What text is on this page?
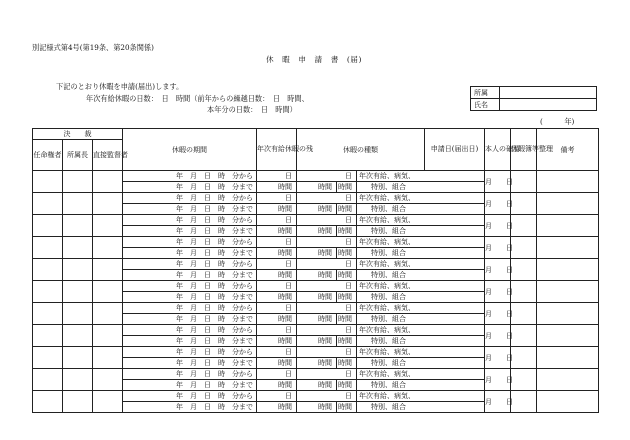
別記様式第4号(第19条、第20条関係)
休　暇　申　請　書　(届)
下記のとおり休暇を申請(届出)します。
年次有給休暇の日数：　日　時間（前年からの繰越日数：　日　時間、
本年分の日数：　日　時間）
所属	
氏名	
(　　　年)
決　　裁			休暇の期間	年次有給休暇の残	休暇の種類			申請日(届出日)	本人の確認	休暇簿等整理	備考	
任命権者	所属長	直接監督者										
			年　月　日　時　分から	日	日		年次有給、病気、		月　　日			
			年　月　日　時　分まで	時間	時間	時間	特別、組合					
			年　月　日　時　分から	日	日		年次有給、病気、		月　　日			
			年　月　日　時　分まで	時間	時間	時間	特別、組合					
			年　月　日　時　分から	日	日		年次有給、病気、		月　　日			
			年　月　日　時　分まで	時間	時間	時間	特別、組合					
			年　月　日　時　分から	日	日		年次有給、病気、		月　　日			
			年　月　日　時　分まで	時間	時間	時間	特別、組合					
			年　月　日　時　分から	日	日		年次有給、病気、		月　　日			
			年　月　日　時　分まで	時間	時間	時間	特別、組合					
			年　月　日　時　分から	日	日		年次有給、病気、		月　　日			
			年　月　日　時　分まで	時間	時間	時間	特別、組合					
			年　月　日　時　分から	日	日		年次有給、病気、		月　　日			
			年　月　日　時　分まで	時間	時間	時間	特別、組合					
			年　月　日　時　分から	日	日		年次有給、病気、		月　　日			
			年　月　日　時　分まで	時間	時間	時間	特別、組合					
			年　月　日　時　分から	日	日		年次有給、病気、		月　　日			
			年　月　日　時　分まで	時間	時間	時間	特別、組合					
			年　月　日　時　分から	日	日		年次有給、病気、		月　　日			
			年　月　日　時　分まで	時間	時間	時間	特別、組合					
			年　月　日　時　分から	日	日		年次有給、病気、		月　　日			
			年　月　日　時　分まで	時間	時間	時間	特別、組合					
